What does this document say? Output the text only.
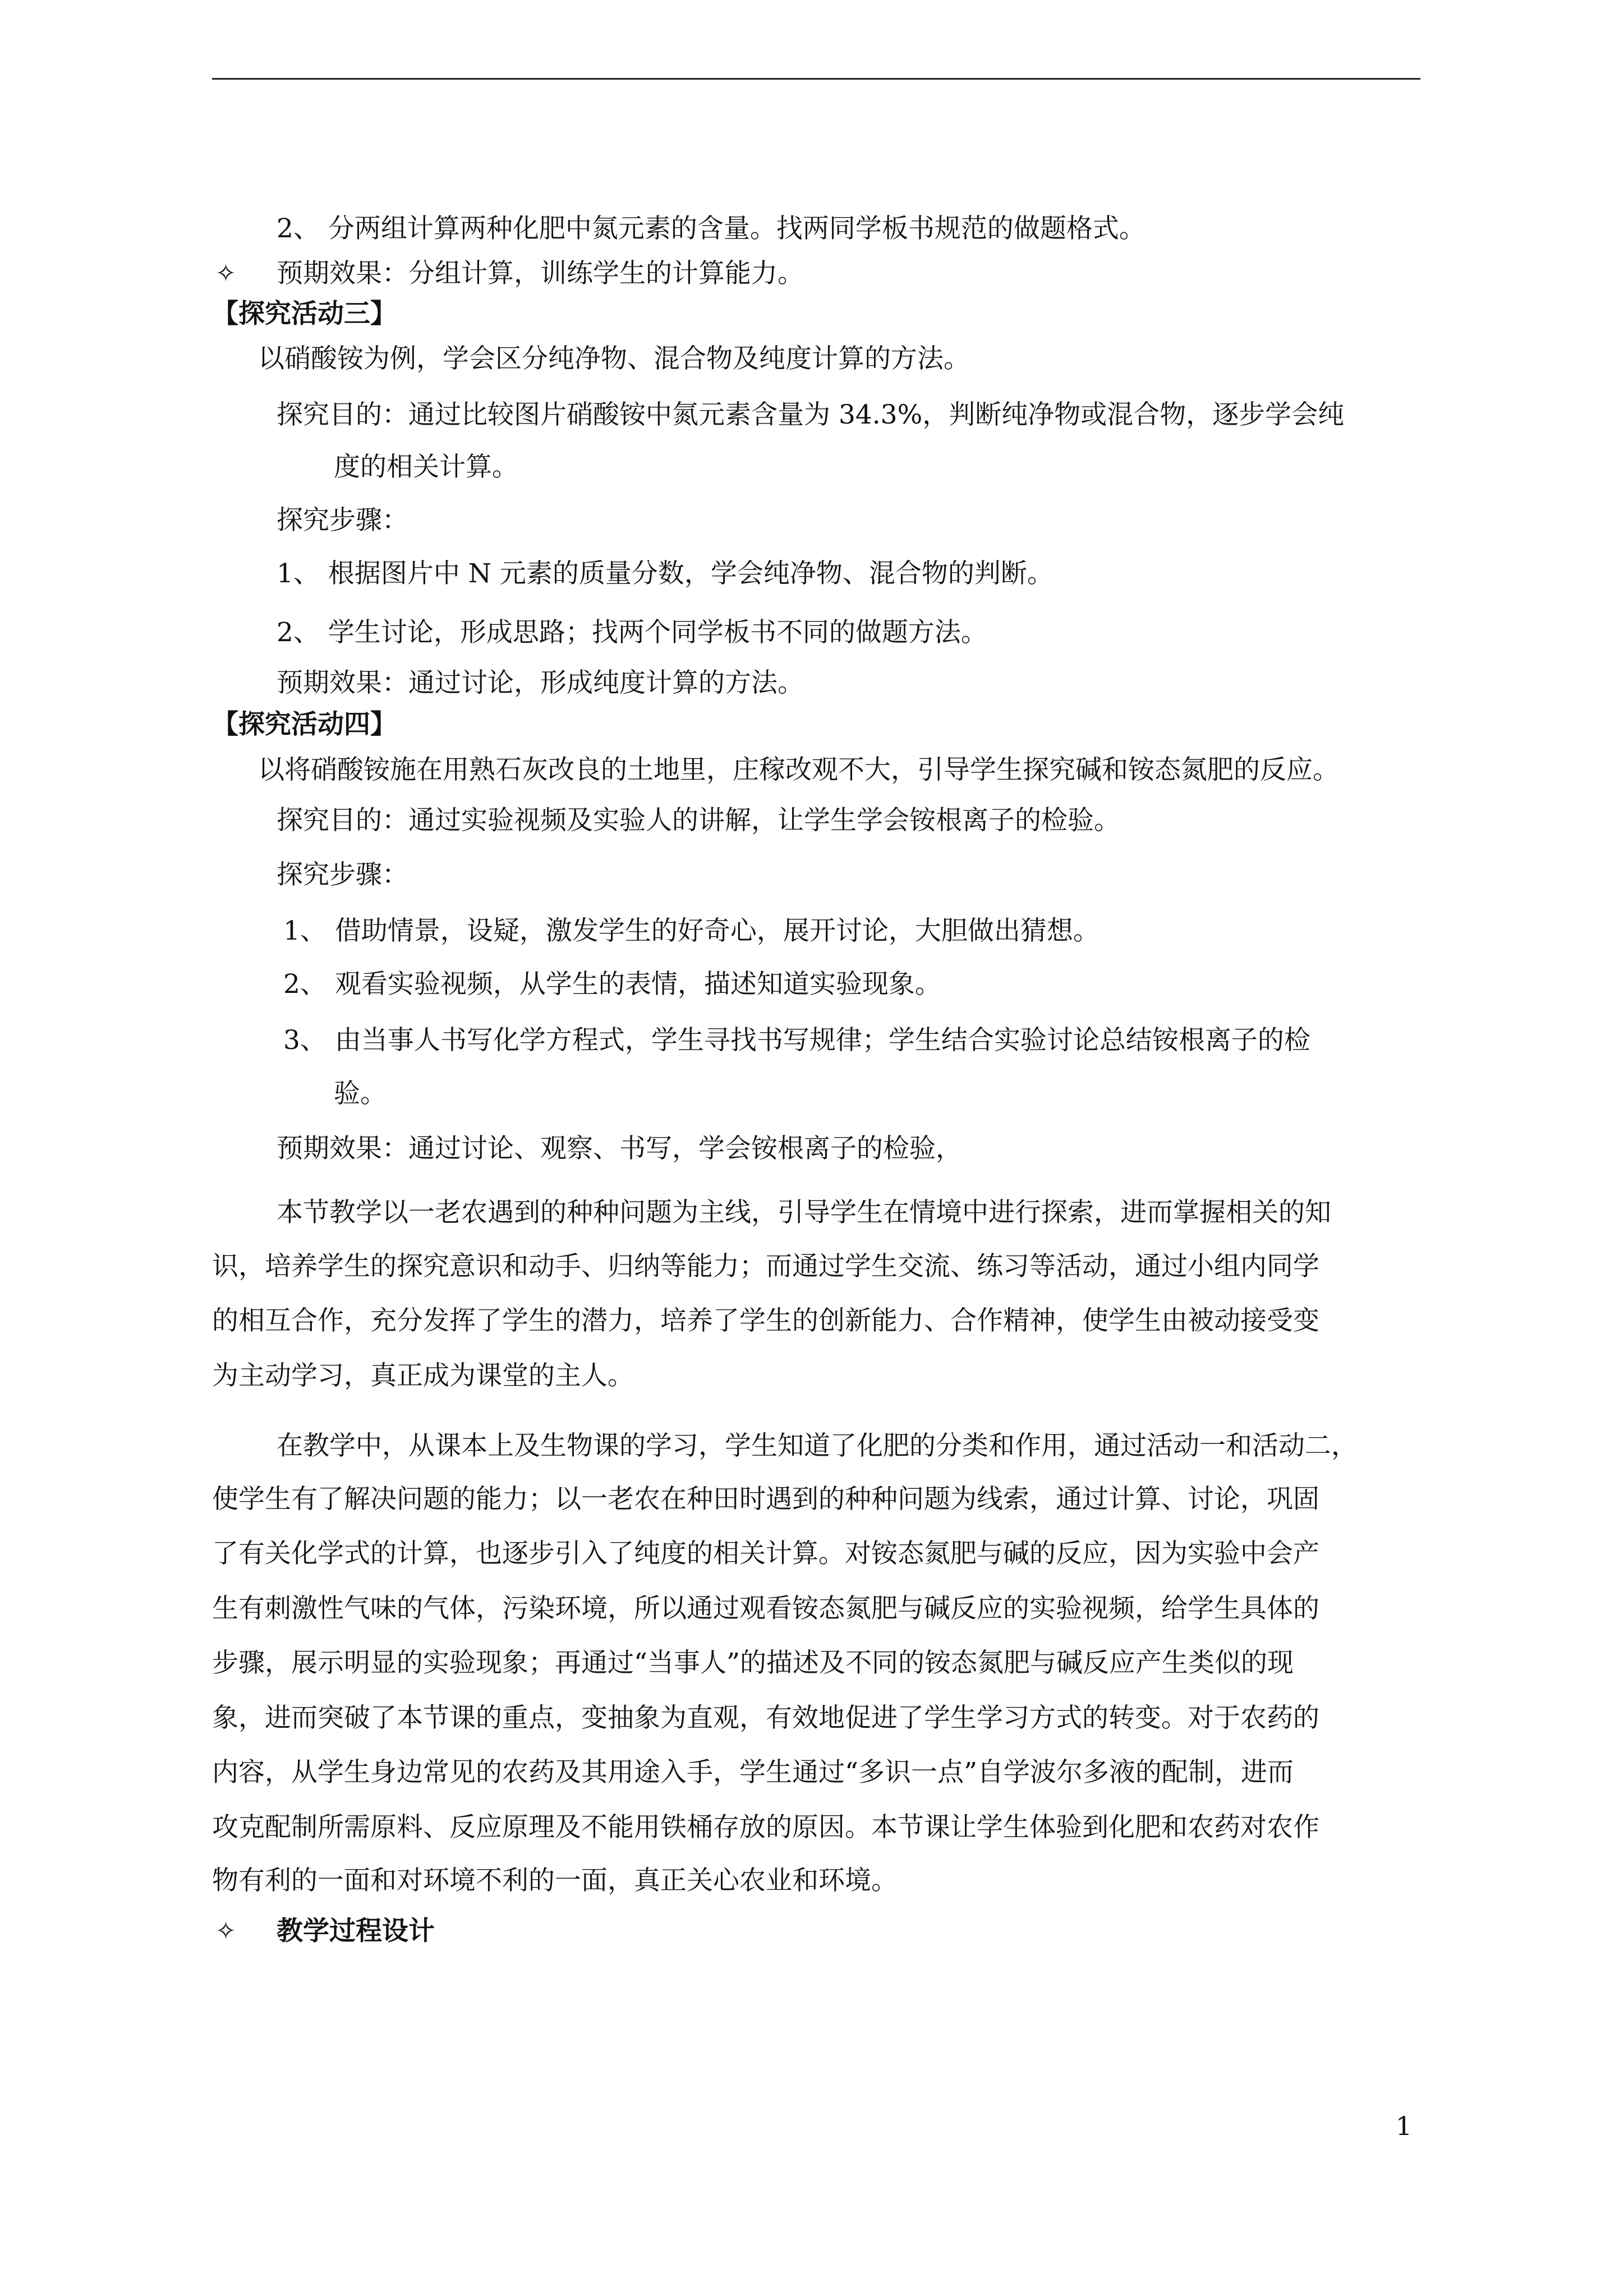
2、 分两组计算两种化肥中氮元素的含量。找两同学板书规范的做题格式。
✧ 预期效果：分组计算，训练学生的计算能力。
【探究活动三】
以硝酸铵为例，学会区分纯净物、混合物及纯度计算的方法。
探究目的：通过比较图片硝酸铵中氮元素含量为 34.3%，判断纯净物或混合物，逐步学会纯
度的相关计算。
探究步骤：
1、 根据图片中 N 元素的质量分数，学会纯净物、混合物的判断。
2、 学生讨论，形成思路；找两个同学板书不同的做题方法。
预期效果：通过讨论，形成纯度计算的方法。
【探究活动四】
以将硝酸铵施在用熟石灰改良的土地里，庄稼改观不大，引导学生探究碱和铵态氮肥的反应。
探究目的：通过实验视频及实验人的讲解，让学生学会铵根离子的检验。
探究步骤：
1、 借助情景，设疑，激发学生的好奇心，展开讨论，大胆做出猜想。
2、 观看实验视频，从学生的表情，描述知道实验现象。
3、 由当事人书写化学方程式，学生寻找书写规律；学生结合实验讨论总结铵根离子的检
验。
预期效果：通过讨论、观察、书写，学会铵根离子的检验，
本节教学以一老农遇到的种种问题为主线，引导学生在情境中进行探索，进而掌握相关的知
识，培养学生的探究意识和动手、归纳等能力；而通过学生交流、练习等活动，通过小组内同学
的相互合作，充分发挥了学生的潜力，培养了学生的创新能力、合作精神，使学生由被动接受变
为主动学习，真正成为课堂的主人。
在教学中，从课本上及生物课的学习，学生知道了化肥的分类和作用，通过活动一和活动二，
使学生有了解决问题的能力；以一老农在种田时遇到的种种问题为线索，通过计算、讨论，巩固
了有关化学式的计算，也逐步引入了纯度的相关计算。对铵态氮肥与碱的反应，因为实验中会产
生有刺激性气味的气体，污染环境，所以通过观看铵态氮肥与碱反应的实验视频，给学生具体的
步骤，展示明显的实验现象；再通过“当事人”的描述及不同的铵态氮肥与碱反应产生类似的现
象，进而突破了本节课的重点，变抽象为直观，有效地促进了学生学习方式的转变。对于农药的
内容，从学生身边常见的农药及其用途入手，学生通过“多识一点”自学波尔多液的配制，进而
攻克配制所需原料、反应原理及不能用铁桶存放的原因。本节课让学生体验到化肥和农药对农作
物有利的一面和对环境不利的一面，真正关心农业和环境。
✧ 教学过程设计
1
